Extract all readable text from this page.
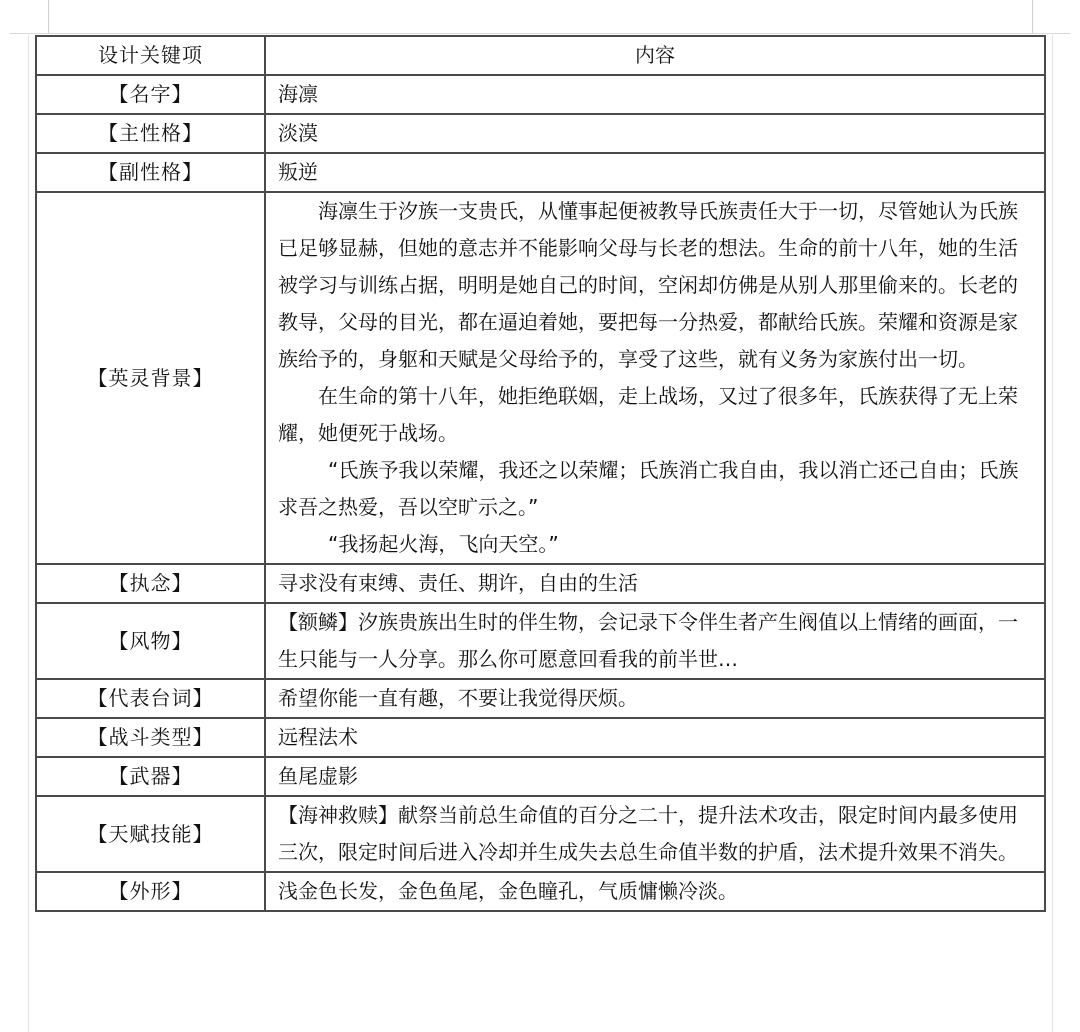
设计关键项	内容
【名字】	海凛
【主性格】	淡漠
【副性格】	叛逆
【英灵背景】	海凛生于汐族一支贵氏，从懂事起便被教导氏族责任大于一切，尽管她认为氏族已足够显赫，但她的意志并不能影响父母与长老的想法。生命的前十八年，她的生活被学习与训练占据，明明是她自己的时间，空闲却仿佛是从别人那里偷来的。长老的教导，父母的目光，都在逼迫着她，要把每一分热爱，都献给氏族。荣耀和资源是家族给予的，身躯和天赋是父母给予的，享受了这些，就有义务为家族付出一切。

在生命的第十八年，她拒绝联姻，走上战场，又过了很多年，氏族获得了无上荣耀，她便死于战场。

“氏族予我以荣耀，我还之以荣耀；氏族消亡我自由，我以消亡还己自由；氏族求吾之热爱，吾以空旷示之。”

“我扬起火海，飞向天空。”

【执念】	寻求没有束缚、责任、期许，自由的生活
【风物】	【额鳞】汐族贵族出生时的伴生物，会记录下令伴生者产生阀值以上情绪的画面，一生只能与一人分享。那么你可愿意回看我的前半世…
【代表台词】	希望你能一直有趣，不要让我觉得厌烦。
【战斗类型】	远程法术
【武器】	鱼尾虚影
【天赋技能】	【海神救赎】献祭当前总生命值的百分之二十，提升法术攻击，限定时间内最多使用三次，限定时间后进入冷却并生成失去总生命值半数的护盾，法术提升效果不消失。
【外形】	浅金色长发，金色鱼尾，金色瞳孔，气质慵懒冷淡。
